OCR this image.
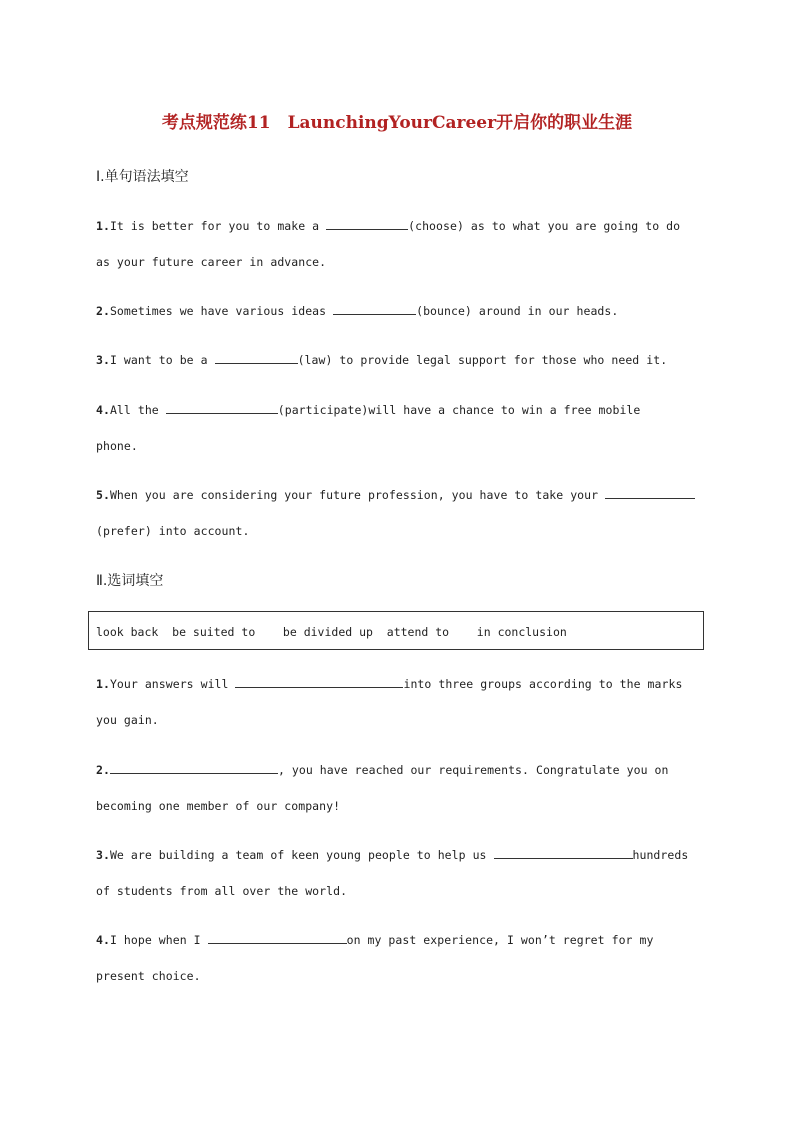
考点规范练11　LaunchingYourCareer开启你的职业生涯
Ⅰ.单句语法填空
1.It is better for you to make a	(choose) as to what you are going to do
as your future career in advance.
2.Sometimes we have various ideas	(bounce) around in our heads.
3.I want to be a	(law) to provide legal support for those who need it.
4.All the	(participate)will have a chance to win a free mobile
phone.
5.When you are considering your future profession, you have to take your
(prefer) into account.
Ⅱ.选词填空
look back  be suited to    be divided up  attend to    in conclusion
1.Your answers will	into three groups according to the marks
you gain.
2.	, you have reached our requirements. Congratulate you on
becoming one member of our company!
3.We are building a team of keen young people to help us	hundreds
of students from all over the world.
4.I hope when I	on my past experience, I won’t regret for my
present choice.
